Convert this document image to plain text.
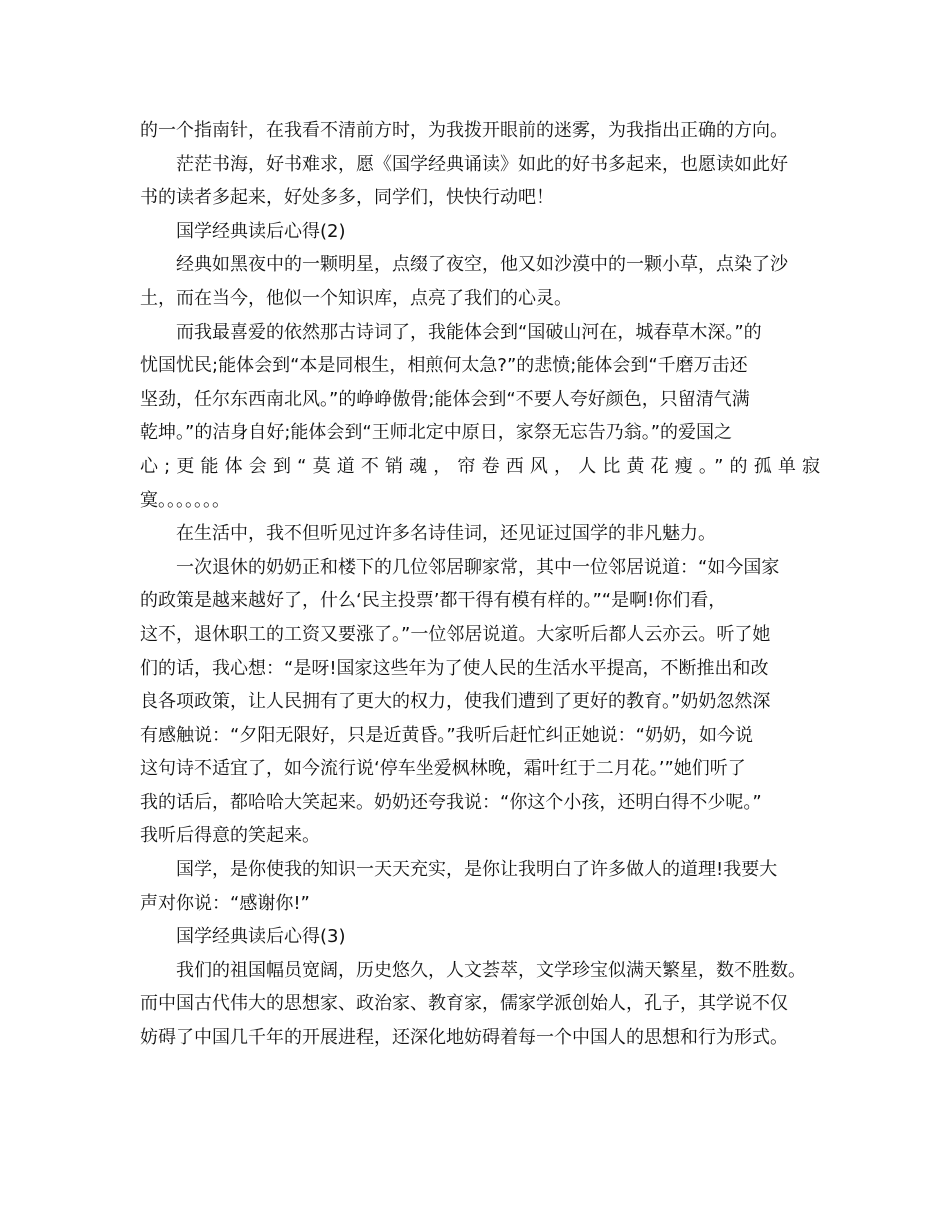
的一个指南针，在我看不清前方时，为我拨开眼前的迷雾，为我指出正确的方向。
茫茫书海，好书难求，愿《国学经典诵读》如此的好书多起来，也愿读如此好
书的读者多起来，好处多多，同学们，快快行动吧！
国学经典读后心得(2)
经典如黑夜中的一颗明星，点缀了夜空，他又如沙漠中的一颗小草，点染了沙
土，而在当今，他似一个知识库，点亮了我们的心灵。
而我最喜爱的依然那古诗词了，我能体会到“国破山河在，城春草木深。”的
忧国忧民;能体会到“本是同根生，相煎何太急?”的悲愤;能体会到“千磨万击还
坚劲，任尔东西南北风。”的峥峥傲骨;能体会到“不要人夸好颜色，只留清气满
乾坤。”的洁身自好;能体会到“王师北定中原日，家祭无忘告乃翁。”的爱国之
心;更能体会到“莫道不销魂，帘卷西风，人比黄花瘦。”的孤单寂
寞。。。。。。。
在生活中，我不但听见过许多名诗佳词，还见证过国学的非凡魅力。
一次退休的奶奶正和楼下的几位邻居聊家常，其中一位邻居说道：“如今国家
的政策是越来越好了，什么‘民主投票’都干得有模有样的。”“是啊!你们看，
这不，退休职工的工资又要涨了。”一位邻居说道。大家听后都人云亦云。听了她
们的话，我心想：“是呀!国家这些年为了使人民的生活水平提高，不断推出和改
良各项政策，让人民拥有了更大的权力，使我们遭到了更好的教育。”奶奶忽然深
有感触说：“夕阳无限好，只是近黄昏。”我听后赶忙纠正她说：“奶奶，如今说
这句诗不适宜了，如今流行说‘停车坐爱枫林晚，霜叶红于二月花。’”她们听了
我的话后，都哈哈大笑起来。奶奶还夸我说：“你这个小孩，还明白得不少呢。”
我听后得意的笑起来。
国学，是你使我的知识一天天充实，是你让我明白了许多做人的道理!我要大
声对你说：“感谢你!”
国学经典读后心得(3)
我们的祖国幅员宽阔，历史悠久，人文荟萃，文学珍宝似满天繁星，数不胜数。
而中国古代伟大的思想家、政治家、教育家，儒家学派创始人，孔子，其学说不仅
妨碍了中国几千年的开展进程，还深化地妨碍着每一个中国人的思想和行为形式。
